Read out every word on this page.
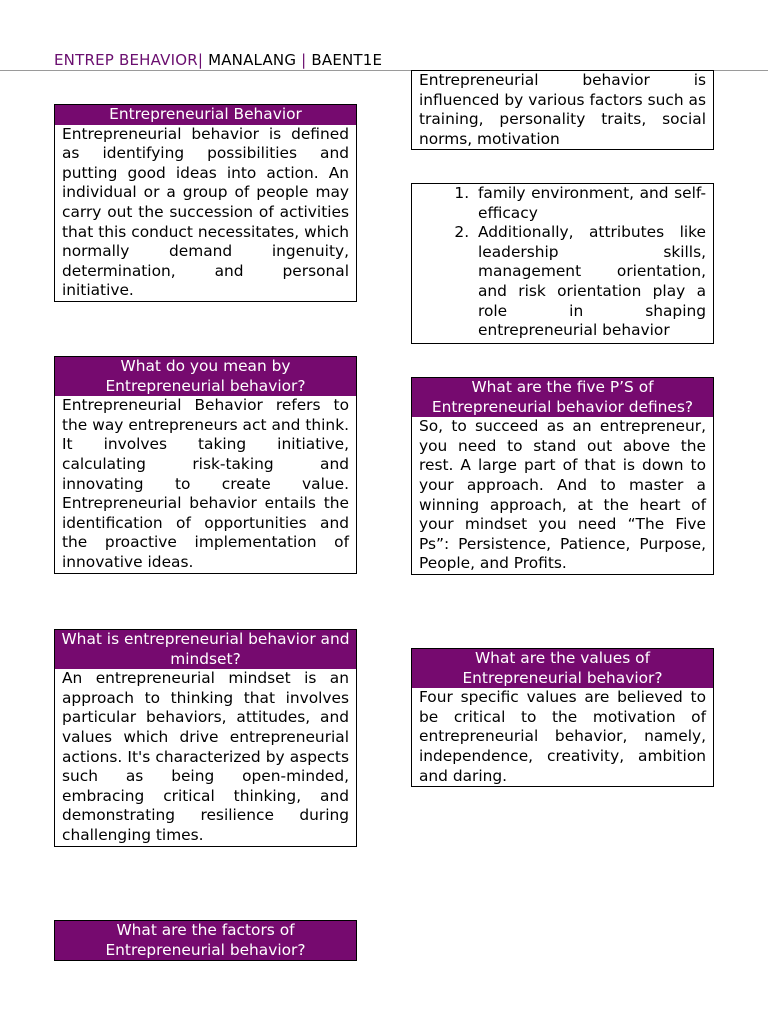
ENTREP BEHAVIOR| MANALANG | BAENT1E
Entrepreneurial Behavior
Entrepreneurial behavior is defined as identifying possibilities and putting good ideas into action. An individual or a group of people may carry out the succession of activities that this conduct necessitates, which normally demand ingenuity, determination, and personal initiative.
What do you mean by Entrepreneurial behavior?
Entrepreneurial Behavior refers to the way entrepreneurs act and think. It involves taking initiative, calculating risk-taking and innovating to create value. Entrepreneurial behavior entails the identification of opportunities and the proactive implementation of innovative ideas.
What is entrepreneurial behavior and mindset?
An entrepreneurial mindset is an approach to thinking that involves particular behaviors, attitudes, and values which drive entrepreneurial actions. It's characterized by aspects such as being open-minded, embracing critical thinking, and demonstrating resilience during challenging times.
What are the factors of Entrepreneurial behavior?
Entrepreneurial behavior is influenced by various factors such as training, personality traits, social norms, motivation
1. family environment, and self-efficacy
2. Additionally, attributes like leadership skills, management orientation, and risk orientation play a role in shaping entrepreneurial behavior
What are the five P’S of Entrepreneurial behavior defines?
So, to succeed as an entrepreneur, you need to stand out above the rest. A large part of that is down to your approach. And to master a winning approach, at the heart of your mindset you need “The Five Ps”: Persistence, Patience, Purpose, People, and Profits.
What are the values of Entrepreneurial behavior?
Four specific values are believed to be critical to the motivation of entrepreneurial behavior, namely, independence, creativity, ambition and daring.
